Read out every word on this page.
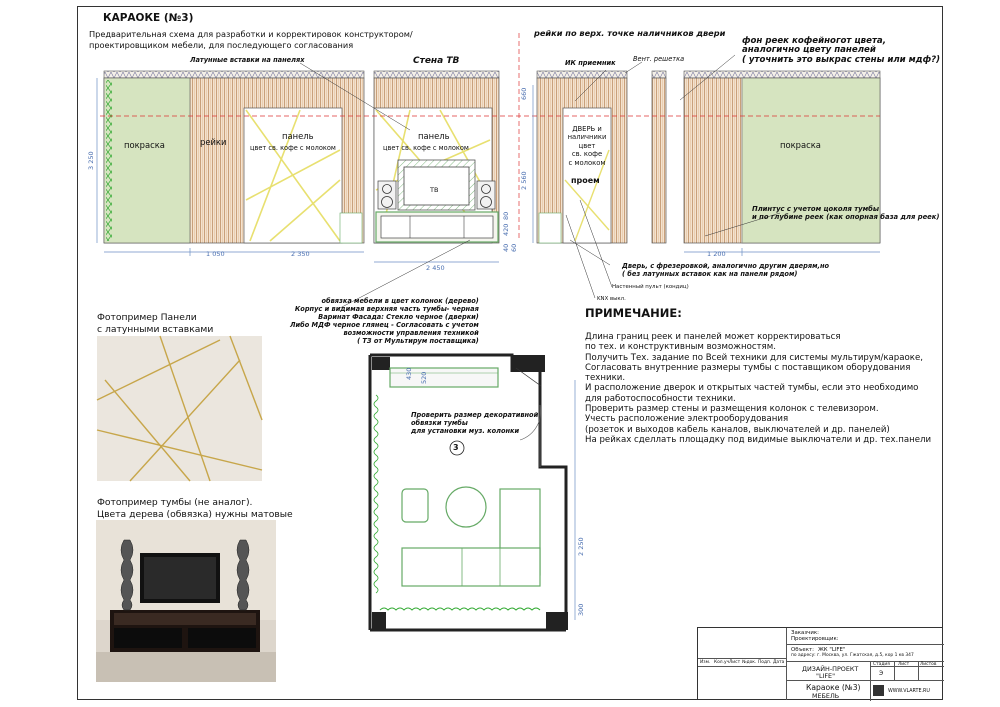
КАРАОКЕ (№3)
Предварительная схема для разработки и корректировок конструктором/проектировщиком мебели, для последующего согласования
Латунные вставки на панелях	Стена ТВ
покраска	рейки
панель
цвет св. кофе с молоком
панель
цвет св. кофе с молоком
ТВ
3 250
1 050	2 350
2 450
обвязка мебели в цвет колонок (дерево)
Корпус и видимая верхняя часть тумбы- черная
Варинат Фасада: Стекло черное (дверки)
Либо МДФ черное глянец - Согласовать с учетом
возможности управления техникой
( ТЗ от Мультирум поставщика)
рейки по верх. точке наличников двери
ИК приемник	Вент. решетка
660
2 560
80
420
40 60
ДВЕРЬ и
наличники
цвет
св. кофе
с молоком
проем
Дверь, с фрезеровкой, аналогично другим дверям,но
( без латунных вставок как на панели рядом)
Настенный пульт (кондиц)
KNX выкл.
фон реек кофейногот цвета,
аналогично цвету панелей
( уточнить это выкрас стены или мдф?)
покраска
Плинтус с учетом цоколя тумбы
и по глубине реек (как опорная база для реек)
1 200
430 520
Проверить размер декоративной
обвязки тумбы
для установки муз. колонки
3
2 250
300
Фотопример Панели
с латунными вставками
Фотопример тумбы (не аналог).
Цвета дерева (обвязка) нужны матовые
ПРИМЕЧАНИЕ:
Длина границ реек и панелей может корректироваться
по тех. и конструктивным возможностям.
Получить Тех. задание по Всей техники для системы мультирум/караоке,
Согласовать внутренние размеры тумбы с поставщиком оборудования
техники.
И расположение дверок и открытых частей тумбы, если это необходимо
для работоспособности техники.
Проверить размер стены и размещения колонок с телевизором.
Учесть расположение электрооборудования
(розеток и выходов кабель каналов, выключателей и др. панелей)
На рейках сделлать площадку под видимые выключатели и др. тех.панели
Заказчик:
Проектировщик:
Объект: ЖК "LIFE"
по адресу: г. Москва, ул. Гжатская, д.5, кор 1 кв 347
Изм. Кол.уч Лист №док. Подп. Дата
ДИЗАЙН-ПРОЕКТ
"LIFE"
Стадия Лист Листов
Э
Караоке (№3)
МЕБЕЛЬ
WWW.VLARTE.RU
